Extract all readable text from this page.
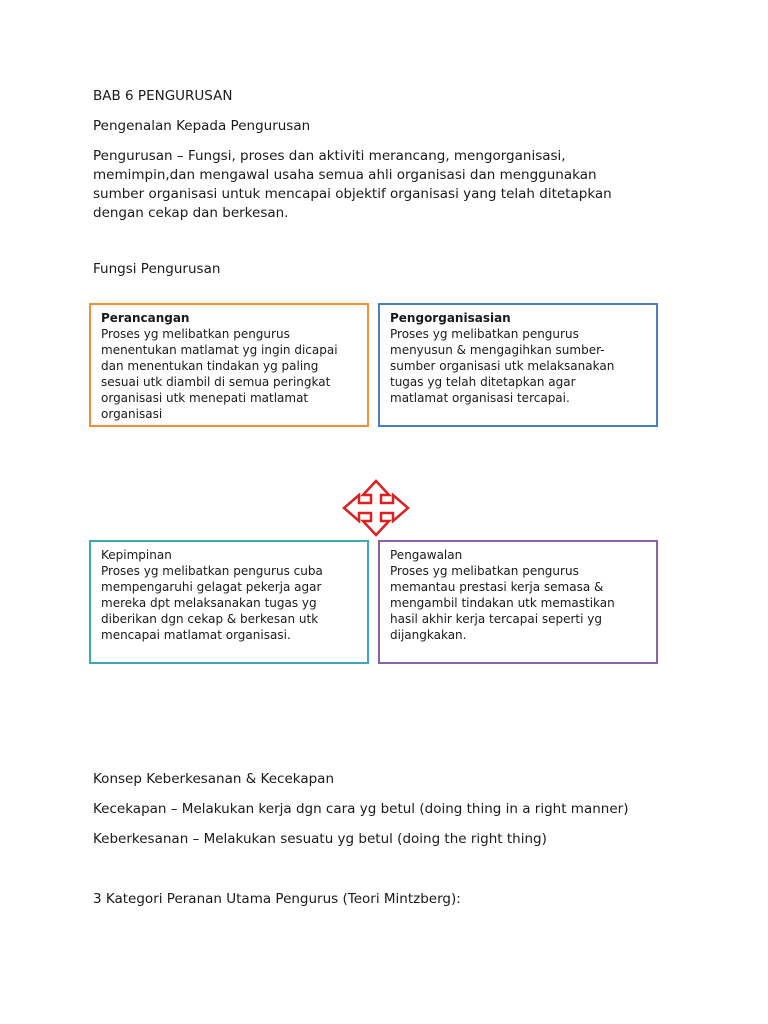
BAB 6 PENGURUSAN
Pengenalan Kepada Pengurusan
Pengurusan – Fungsi, proses dan aktiviti merancang, mengorganisasi,
memimpin,dan mengawal usaha semua ahli organisasi dan menggunakan
sumber organisasi untuk mencapai objektif organisasi yang telah ditetapkan
dengan cekap dan berkesan.
Fungsi Pengurusan
Perancangan
Proses yg melibatkan pengurus
menentukan matlamat yg ingin dicapai
dan menentukan tindakan yg paling
sesuai utk diambil di semua peringkat
organisasi utk menepati matlamat
organisasi
Pengorganisasian
Proses yg melibatkan pengurus
menyusun & mengagihkan sumber-
sumber organisasi utk melaksanakan
tugas yg telah ditetapkan agar
matlamat organisasi tercapai.
Kepimpinan
Proses yg melibatkan pengurus cuba
mempengaruhi gelagat pekerja agar
mereka dpt melaksanakan tugas yg
diberikan dgn cekap & berkesan utk
mencapai matlamat organisasi.
Pengawalan
Proses yg melibatkan pengurus
memantau prestasi kerja semasa &
mengambil tindakan utk memastikan
hasil akhir kerja tercapai seperti yg
dijangkakan.
Konsep Keberkesanan & Kecekapan
Kecekapan – Melakukan kerja dgn cara yg betul (doing thing in a right manner)
Keberkesanan – Melakukan sesuatu yg betul (doing the right thing)
3 Kategori Peranan Utama Pengurus (Teori Mintzberg):
